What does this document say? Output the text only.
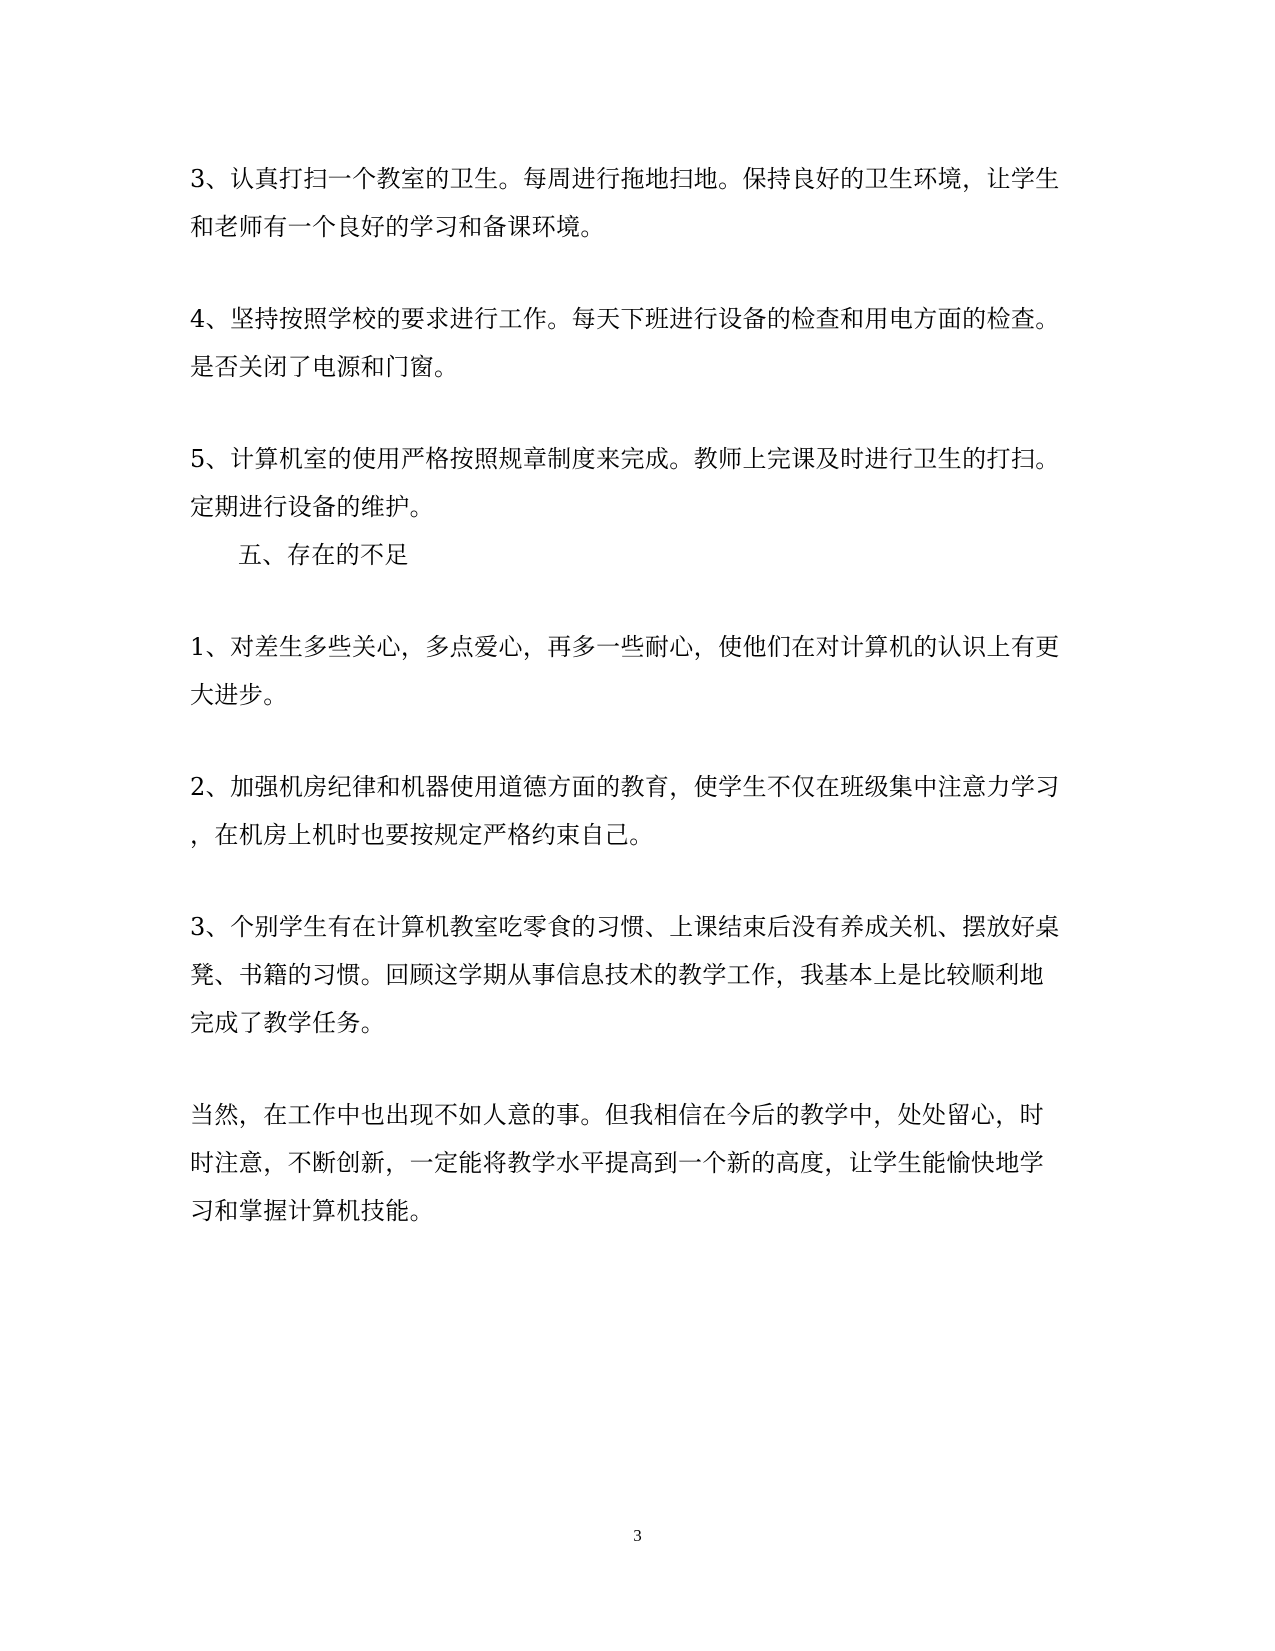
3、认真打扫一个教室的卫生。每周进行拖地扫地。保持良好的卫生环境，让学生
和老师有一个良好的学习和备课环境。
4、坚持按照学校的要求进行工作。每天下班进行设备的检查和用电方面的检查。
是否关闭了电源和门窗。
5、计算机室的使用严格按照规章制度来完成。教师上完课及时进行卫生的打扫。
定期进行设备的维护。
五、存在的不足
1、对差生多些关心，多点爱心，再多一些耐心，使他们在对计算机的认识上有更
大进步。
2、加强机房纪律和机器使用道德方面的教育，使学生不仅在班级集中注意力学习
，在机房上机时也要按规定严格约束自己。
3、个别学生有在计算机教室吃零食的习惯、上课结束后没有养成关机、摆放好桌
凳、书籍的习惯。回顾这学期从事信息技术的教学工作，我基本上是比较顺利地
完成了教学任务。
当然，在工作中也出现不如人意的事。但我相信在今后的教学中，处处留心，时
时注意，不断创新，一定能将教学水平提高到一个新的高度，让学生能愉快地学
习和掌握计算机技能。
3
